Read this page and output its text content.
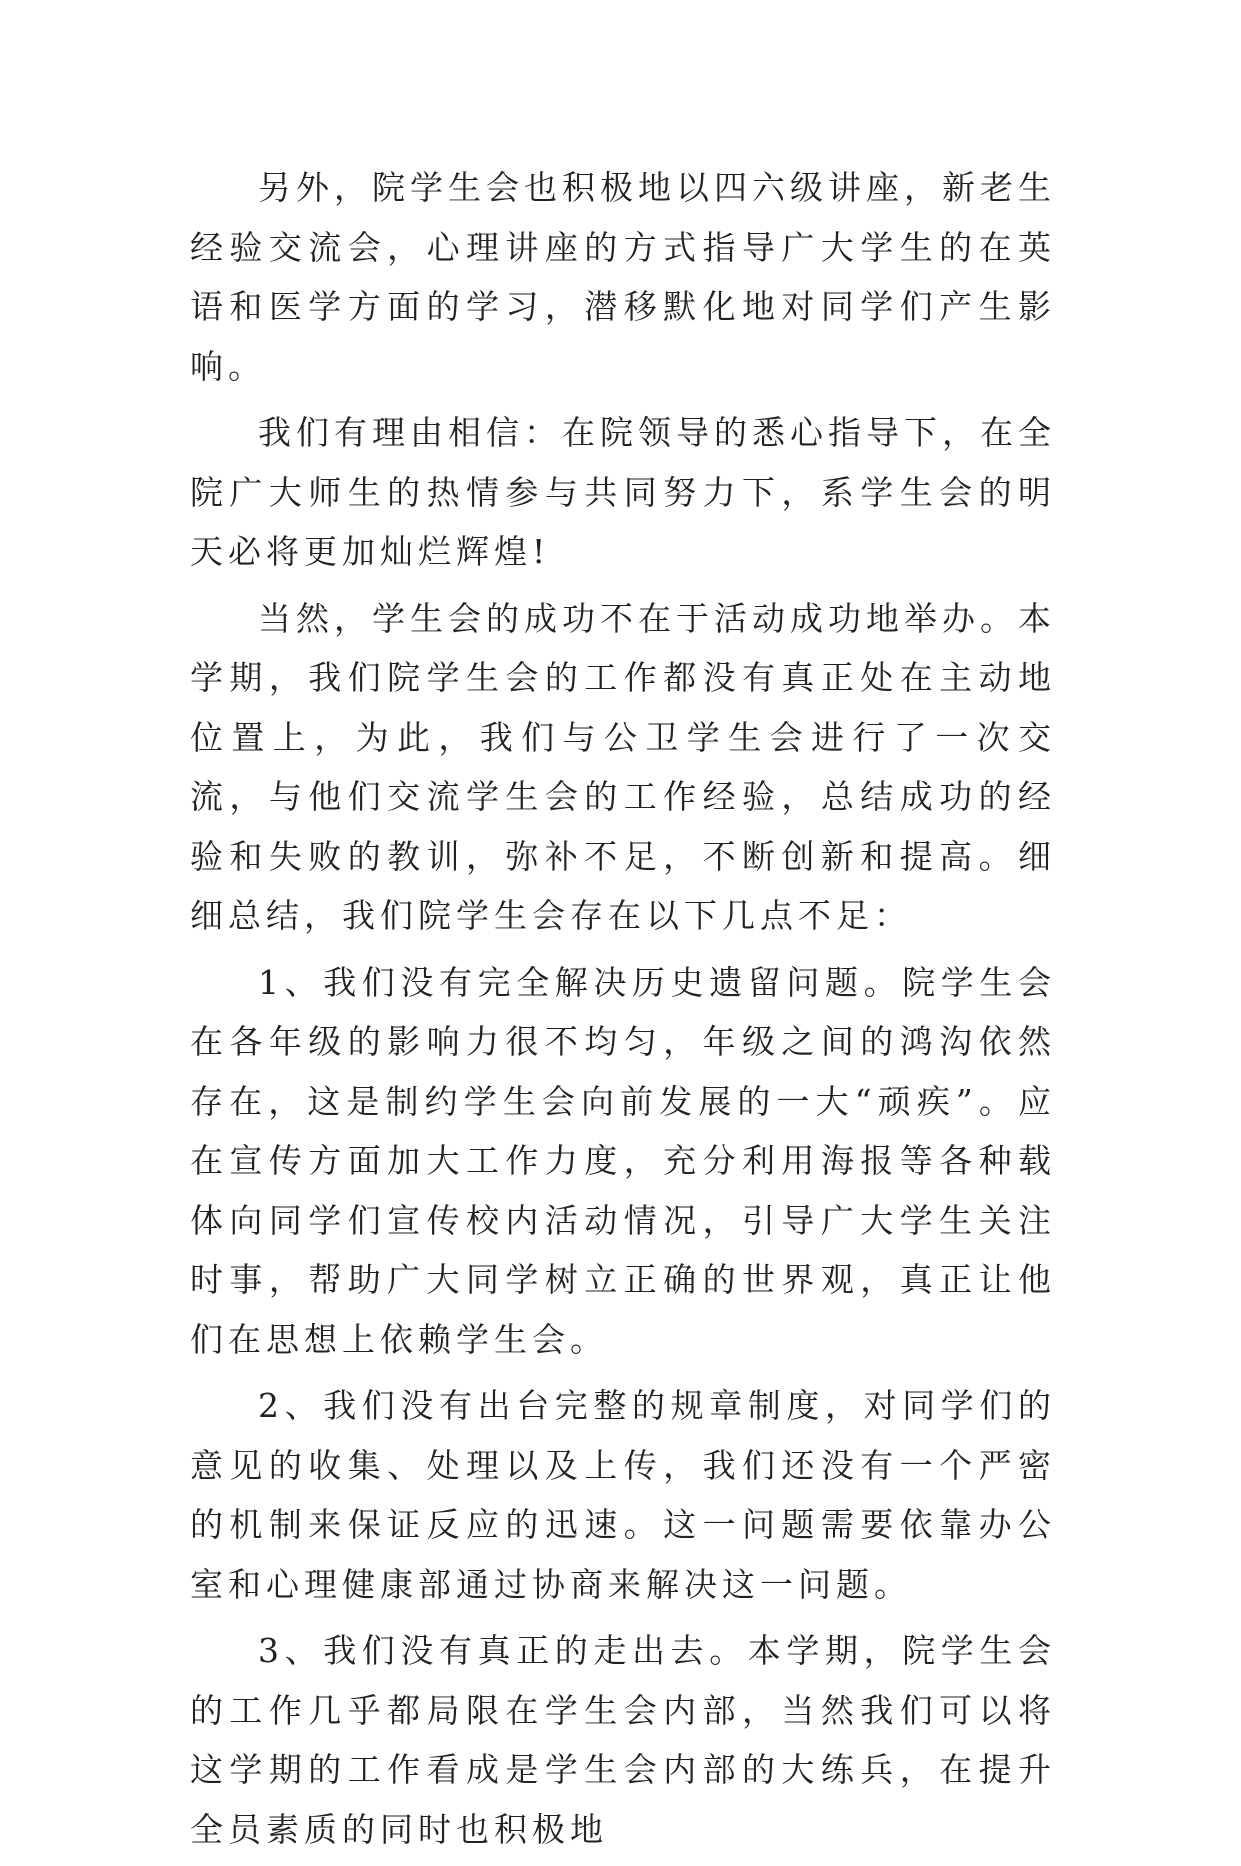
另外，院学生会也积极地以四六级讲座，新老生经验交流会，心理讲座的方式指导广大学生的在英语和医学方面的学习，潜移默化地对同学们产生影响。

我们有理由相信：在院领导的悉心指导下，在全院广大师生的热情参与共同努力下，系学生会的明天必将更加灿烂辉煌!

当然，学生会的成功不在于活动成功地举办。本学期，我们院学生会的工作都没有真正处在主动地位置上，为此，我们与公卫学生会进行了一次交流，与他们交流学生会的工作经验，总结成功的经验和失败的教训，弥补不足，不断创新和提高。细细总结，我们院学生会存在以下几点不足：

1、我们没有完全解决历史遗留问题。院学生会在各年级的影响力很不均匀，年级之间的鸿沟依然存在，这是制约学生会向前发展的一大“顽疾”。应在宣传方面加大工作力度，充分利用海报等各种载体向同学们宣传校内活动情况，引导广大学生关注时事，帮助广大同学树立正确的世界观，真正让他们在思想上依赖学生会。

2、我们没有出台完整的规章制度，对同学们的意见的收集、处理以及上传，我们还没有一个严密的机制来保证反应的迅速。这一问题需要依靠办公室和心理健康部通过协商来解决这一问题。

3、我们没有真正的走出去。本学期，院学生会的工作几乎都局限在学生会内部，当然我们可以将这学期的工作看成是学生会内部的大练兵，在提升全员素质的同时也积极地
